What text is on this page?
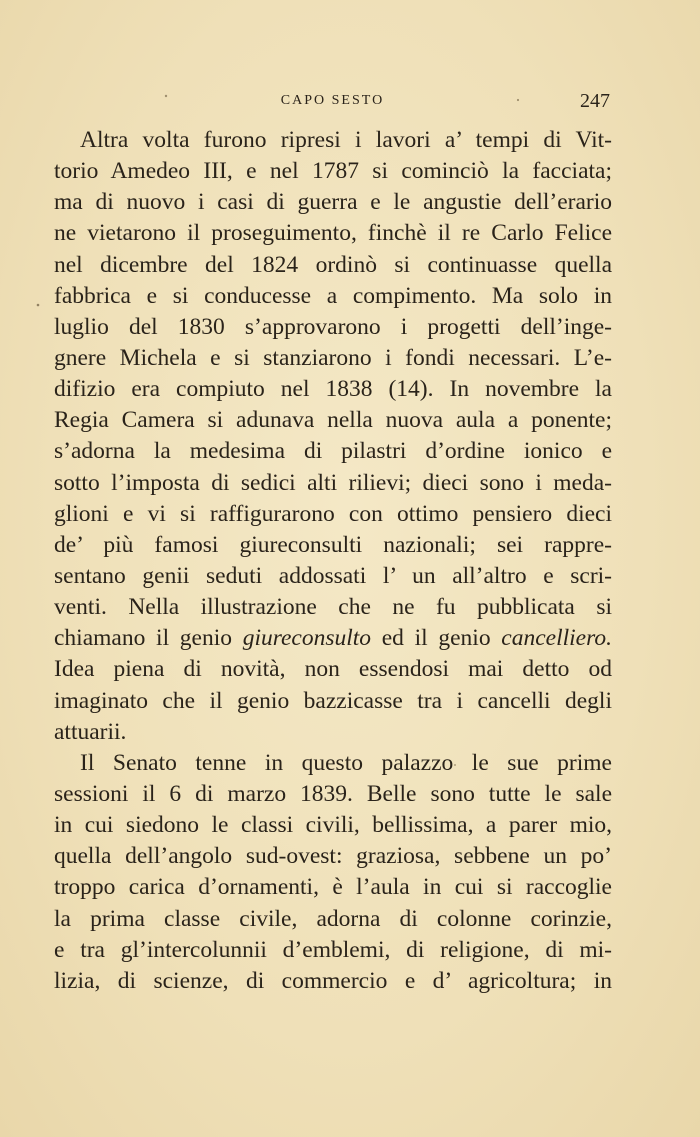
CAPO SESTO	247
Altra volta furono ripresi i lavori a’ tempi di Vit-
torio Amedeo III, e nel 1787 si cominciò la facciata;
ma di nuovo i casi di guerra e le angustie dell’erario
ne vietarono il proseguimento, finchè il re Carlo Felice
nel dicembre del 1824 ordinò si continuasse quella
fabbrica e si conducesse a compimento. Ma solo in
luglio del 1830 s’approvarono i progetti dell’inge-
gnere Michela e si stanziarono i fondi necessari. L’e-
difizio era compiuto nel 1838 (14). In novembre la
Regia Camera si adunava nella nuova aula a ponente;
s’adorna la medesima di pilastri d’ordine ionico e
sotto l’imposta di sedici alti rilievi; dieci sono i meda-
glioni e vi si raffigurarono con ottimo pensiero dieci
de’ più famosi giureconsulti nazionali; sei rappre-
sentano genii seduti addossati l’ un all’altro e scri-
venti. Nella illustrazione che ne fu pubblicata si
chiamano il genio giureconsulto ed il genio cancelliero.
Idea piena di novità, non essendosi mai detto od
imaginato che il genio bazzicasse tra i cancelli degli
attuarii.
Il Senato tenne in questo palazzo le sue prime
sessioni il 6 di marzo 1839. Belle sono tutte le sale
in cui siedono le classi civili, bellissima, a parer mio,
quella dell’angolo sud-ovest: graziosa, sebbene un po’
troppo carica d’ornamenti, è l’aula in cui si raccoglie
la prima classe civile, adorna di colonne corinzie,
e tra gl’intercolunnii d’emblemi, di religione, di mi-
lizia, di scienze, di commercio e d’ agricoltura; in
